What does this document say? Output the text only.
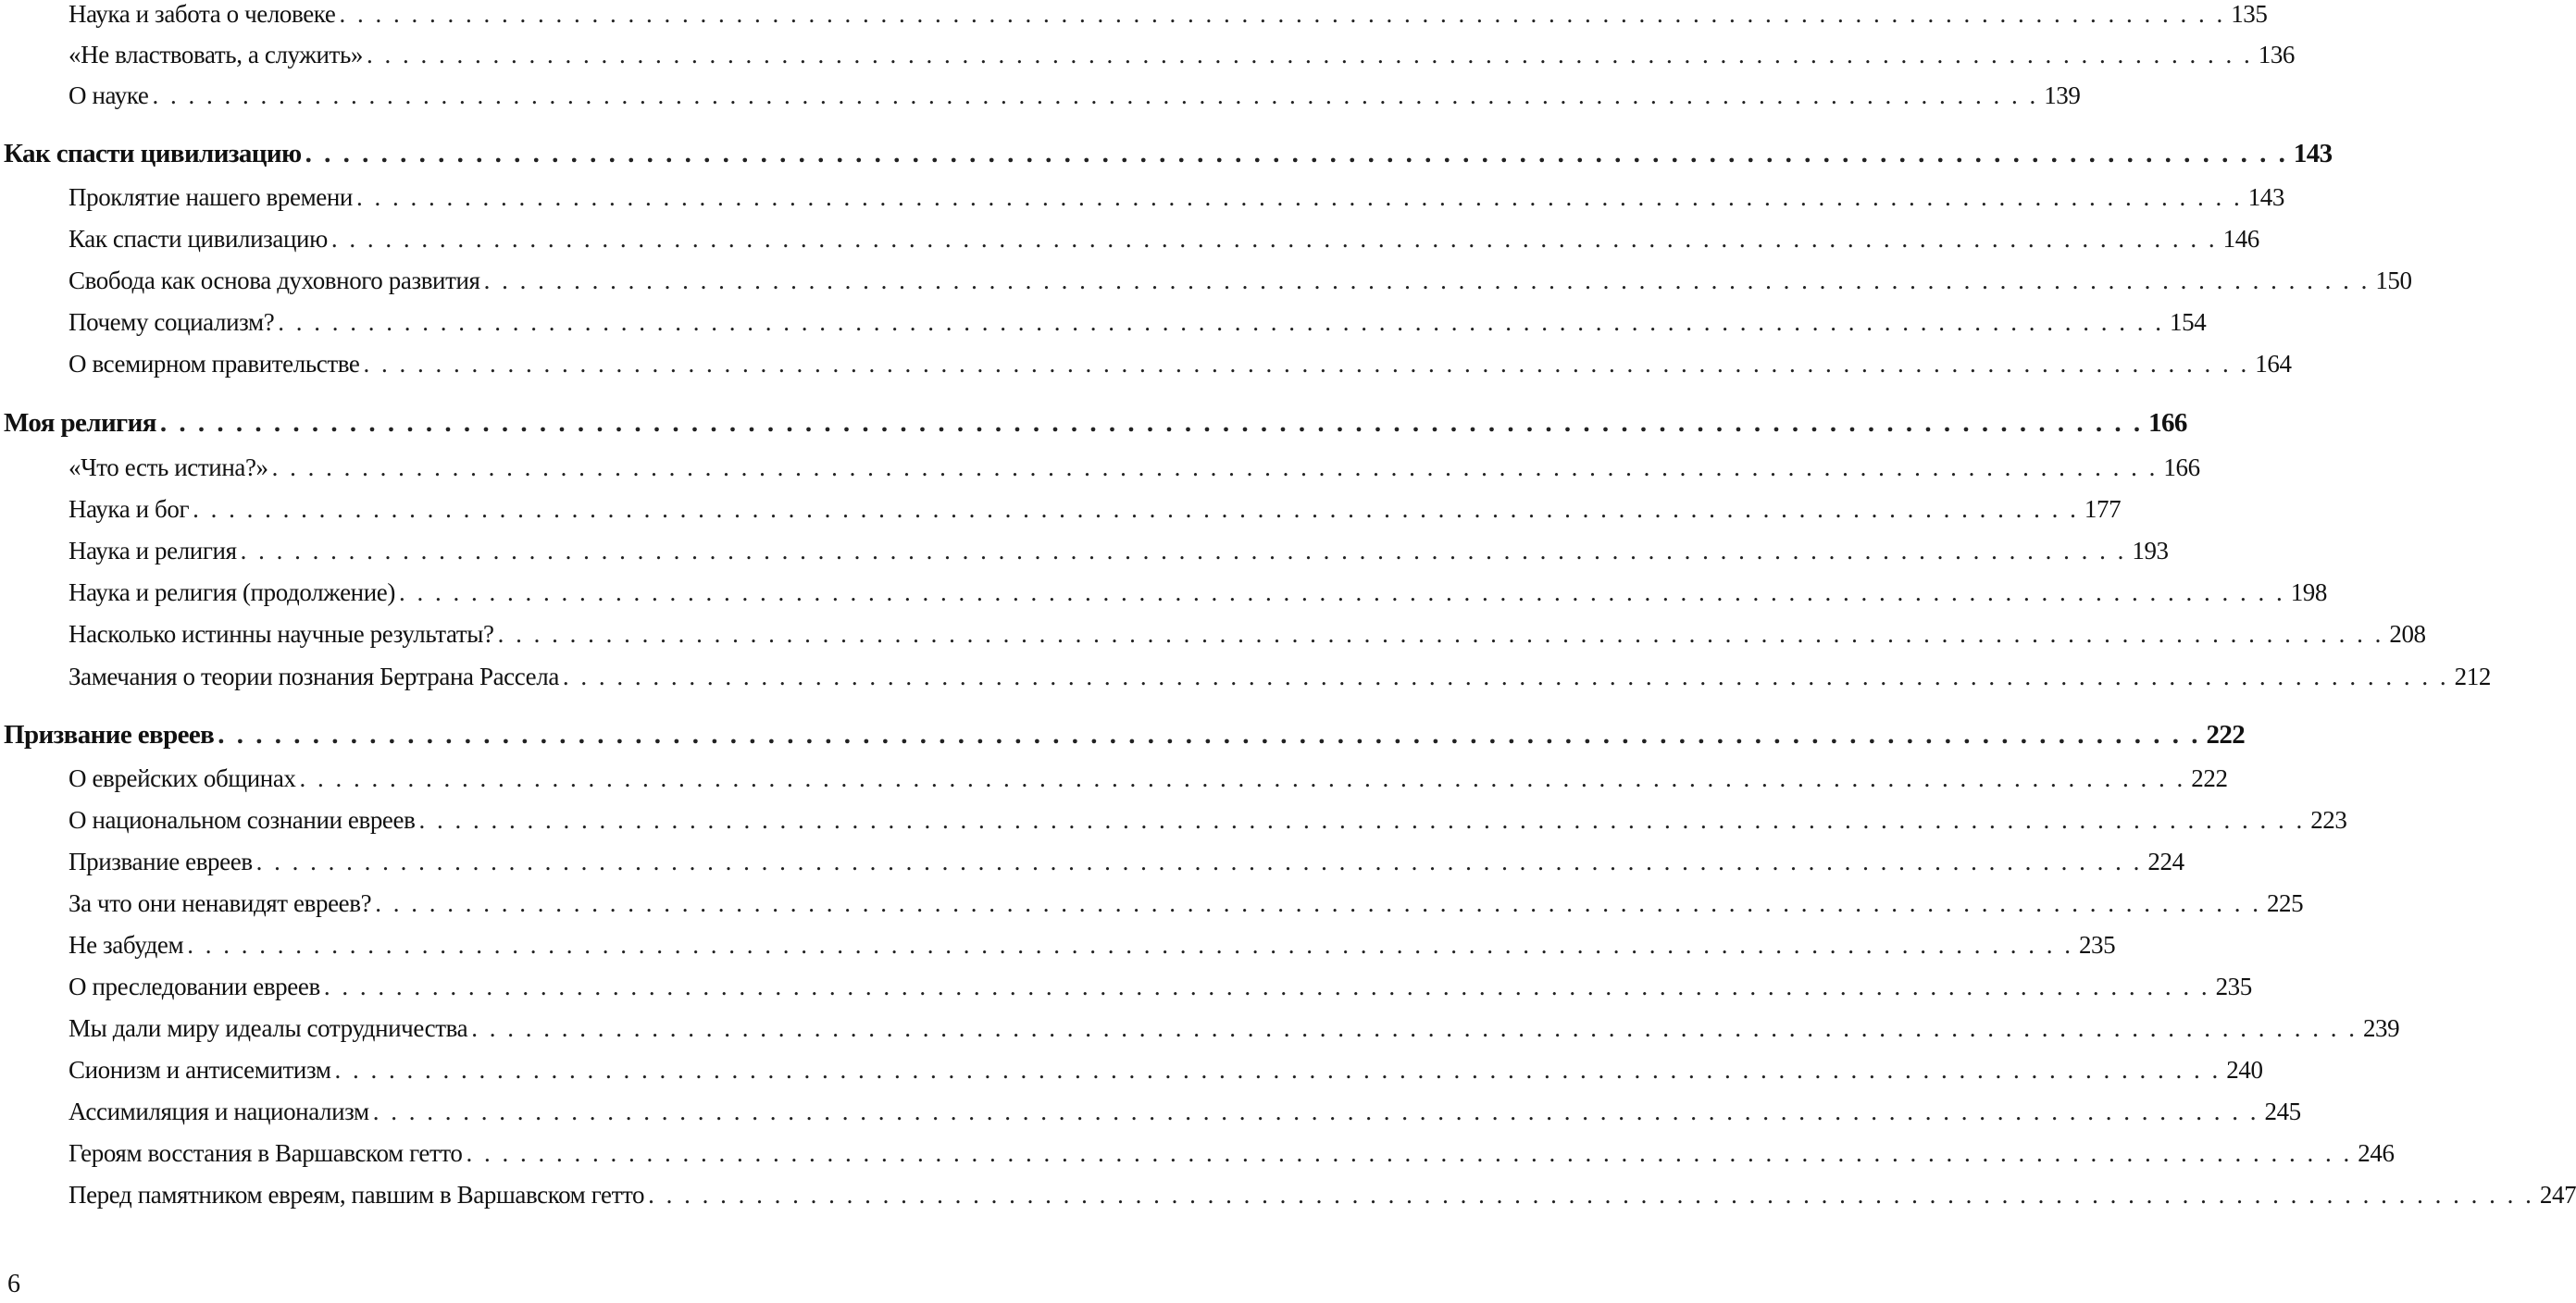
Наука и забота о человеке . . . . . . . . . . . . . . . . . . . . . . . . . . . . . . . . . . . . . . . . . . . . . . . . . . . . . . . . . . . . . . . . . . . . . . . . . . . . . . . . . . . . . . . . . . . . . . . . . . . . . . . . . 135
«Не властвовать, а служить» . . . . . . . . . . . . . . . . . . . . . . . . . . . . . . . . . . . . . . . . . . . . . . . . . . . . . . . . . . . . . . . . . . . . . . . . . . . . . . . . . . . . . . . . . . . . . . . . . . . . . . . . . 136
О науке . . . . . . . . . . . . . . . . . . . . . . . . . . . . . . . . . . . . . . . . . . . . . . . . . . . . . . . . . . . . . . . . . . . . . . . . . . . . . . . . . . . . . . . . . . . . . . . . . . . . . . . . . 139
Как спасти цивилизацию . . . . . . . . . . . . . . . . . . . . . . . . . . . . . . . . . . . . . . . . . . . . . . . . . . . . . . . . . . . . . . . . . . . . . . . . . . . . . . . . . . . . . . . . . . . . . . . . . . . . . . . . . 143
Проклятие нашего времени . . . . . . . . . . . . . . . . . . . . . . . . . . . . . . . . . . . . . . . . . . . . . . . . . . . . . . . . . . . . . . . . . . . . . . . . . . . . . . . . . . . . . . . . . . . . . . . . . . . . . . . . . 143
Как спасти цивилизацию . . . . . . . . . . . . . . . . . . . . . . . . . . . . . . . . . . . . . . . . . . . . . . . . . . . . . . . . . . . . . . . . . . . . . . . . . . . . . . . . . . . . . . . . . . . . . . . . . . . . . . . . . 146
Свобода как основа духовного развития . . . . . . . . . . . . . . . . . . . . . . . . . . . . . . . . . . . . . . . . . . . . . . . . . . . . . . . . . . . . . . . . . . . . . . . . . . . . . . . . . . . . . . . . . . . . . . . . . . . . . . . . . 150
Почему социализм? . . . . . . . . . . . . . . . . . . . . . . . . . . . . . . . . . . . . . . . . . . . . . . . . . . . . . . . . . . . . . . . . . . . . . . . . . . . . . . . . . . . . . . . . . . . . . . . . . . . . . . . . . 154
О всемирном правительстве . . . . . . . . . . . . . . . . . . . . . . . . . . . . . . . . . . . . . . . . . . . . . . . . . . . . . . . . . . . . . . . . . . . . . . . . . . . . . . . . . . . . . . . . . . . . . . . . . . . . . . . . . 164
Моя религия . . . . . . . . . . . . . . . . . . . . . . . . . . . . . . . . . . . . . . . . . . . . . . . . . . . . . . . . . . . . . . . . . . . . . . . . . . . . . . . . . . . . . . . . . . . . . . . . . . . . . . . . . 166
«Что есть истина?» . . . . . . . . . . . . . . . . . . . . . . . . . . . . . . . . . . . . . . . . . . . . . . . . . . . . . . . . . . . . . . . . . . . . . . . . . . . . . . . . . . . . . . . . . . . . . . . . . . . . . . . . . 166
Наука и бог . . . . . . . . . . . . . . . . . . . . . . . . . . . . . . . . . . . . . . . . . . . . . . . . . . . . . . . . . . . . . . . . . . . . . . . . . . . . . . . . . . . . . . . . . . . . . . . . . . . . . . . . . 177
Наука и религия . . . . . . . . . . . . . . . . . . . . . . . . . . . . . . . . . . . . . . . . . . . . . . . . . . . . . . . . . . . . . . . . . . . . . . . . . . . . . . . . . . . . . . . . . . . . . . . . . . . . . . . . . 193
Наука и религия (продолжение) . . . . . . . . . . . . . . . . . . . . . . . . . . . . . . . . . . . . . . . . . . . . . . . . . . . . . . . . . . . . . . . . . . . . . . . . . . . . . . . . . . . . . . . . . . . . . . . . . . . . . . . . . 198
Насколько истинны научные результаты? . . . . . . . . . . . . . . . . . . . . . . . . . . . . . . . . . . . . . . . . . . . . . . . . . . . . . . . . . . . . . . . . . . . . . . . . . . . . . . . . . . . . . . . . . . . . . . . . . . . . . . . . . 208
Замечания о теории познания Бертрана Рассела . . . . . . . . . . . . . . . . . . . . . . . . . . . . . . . . . . . . . . . . . . . . . . . . . . . . . . . . . . . . . . . . . . . . . . . . . . . . . . . . . . . . . . . . . . . . . . . . . . . . . . . . . 212
Призвание евреев . . . . . . . . . . . . . . . . . . . . . . . . . . . . . . . . . . . . . . . . . . . . . . . . . . . . . . . . . . . . . . . . . . . . . . . . . . . . . . . . . . . . . . . . . . . . . . . . . . . . . . . . . 222
О еврейских общинах . . . . . . . . . . . . . . . . . . . . . . . . . . . . . . . . . . . . . . . . . . . . . . . . . . . . . . . . . . . . . . . . . . . . . . . . . . . . . . . . . . . . . . . . . . . . . . . . . . . . . . . . . 222
О национальном сознании евреев . . . . . . . . . . . . . . . . . . . . . . . . . . . . . . . . . . . . . . . . . . . . . . . . . . . . . . . . . . . . . . . . . . . . . . . . . . . . . . . . . . . . . . . . . . . . . . . . . . . . . . . . . 223
Призвание евреев . . . . . . . . . . . . . . . . . . . . . . . . . . . . . . . . . . . . . . . . . . . . . . . . . . . . . . . . . . . . . . . . . . . . . . . . . . . . . . . . . . . . . . . . . . . . . . . . . . . . . . . . . 224
За что они ненавидят евреев? . . . . . . . . . . . . . . . . . . . . . . . . . . . . . . . . . . . . . . . . . . . . . . . . . . . . . . . . . . . . . . . . . . . . . . . . . . . . . . . . . . . . . . . . . . . . . . . . . . . . . . . . . 225
Не забудем . . . . . . . . . . . . . . . . . . . . . . . . . . . . . . . . . . . . . . . . . . . . . . . . . . . . . . . . . . . . . . . . . . . . . . . . . . . . . . . . . . . . . . . . . . . . . . . . . . . . . . . . . 235
О преследовании евреев . . . . . . . . . . . . . . . . . . . . . . . . . . . . . . . . . . . . . . . . . . . . . . . . . . . . . . . . . . . . . . . . . . . . . . . . . . . . . . . . . . . . . . . . . . . . . . . . . . . . . . . . . 235
Мы дали миру идеалы сотрудничества . . . . . . . . . . . . . . . . . . . . . . . . . . . . . . . . . . . . . . . . . . . . . . . . . . . . . . . . . . . . . . . . . . . . . . . . . . . . . . . . . . . . . . . . . . . . . . . . . . . . . . . . . 239
Сионизм и антисемитизм . . . . . . . . . . . . . . . . . . . . . . . . . . . . . . . . . . . . . . . . . . . . . . . . . . . . . . . . . . . . . . . . . . . . . . . . . . . . . . . . . . . . . . . . . . . . . . . . . . . . . . . . . 240
Ассимиляция и национализм . . . . . . . . . . . . . . . . . . . . . . . . . . . . . . . . . . . . . . . . . . . . . . . . . . . . . . . . . . . . . . . . . . . . . . . . . . . . . . . . . . . . . . . . . . . . . . . . . . . . . . . . . 245
Героям восстания в Варшавском гетто . . . . . . . . . . . . . . . . . . . . . . . . . . . . . . . . . . . . . . . . . . . . . . . . . . . . . . . . . . . . . . . . . . . . . . . . . . . . . . . . . . . . . . . . . . . . . . . . . . . . . . . . . 246
Перед памятником евреям, павшим в Варшавском гетто . . . . . . . . . . . . . . . . . . . . . . . . . . . . . . . . . . . . . . . . . . . . . . . . . . . . . . . . . . . . . . . . . . . . . . . . . . . . . . . . . . . . . . . . . . . . . . . . . . . . . . . . . 247
6
